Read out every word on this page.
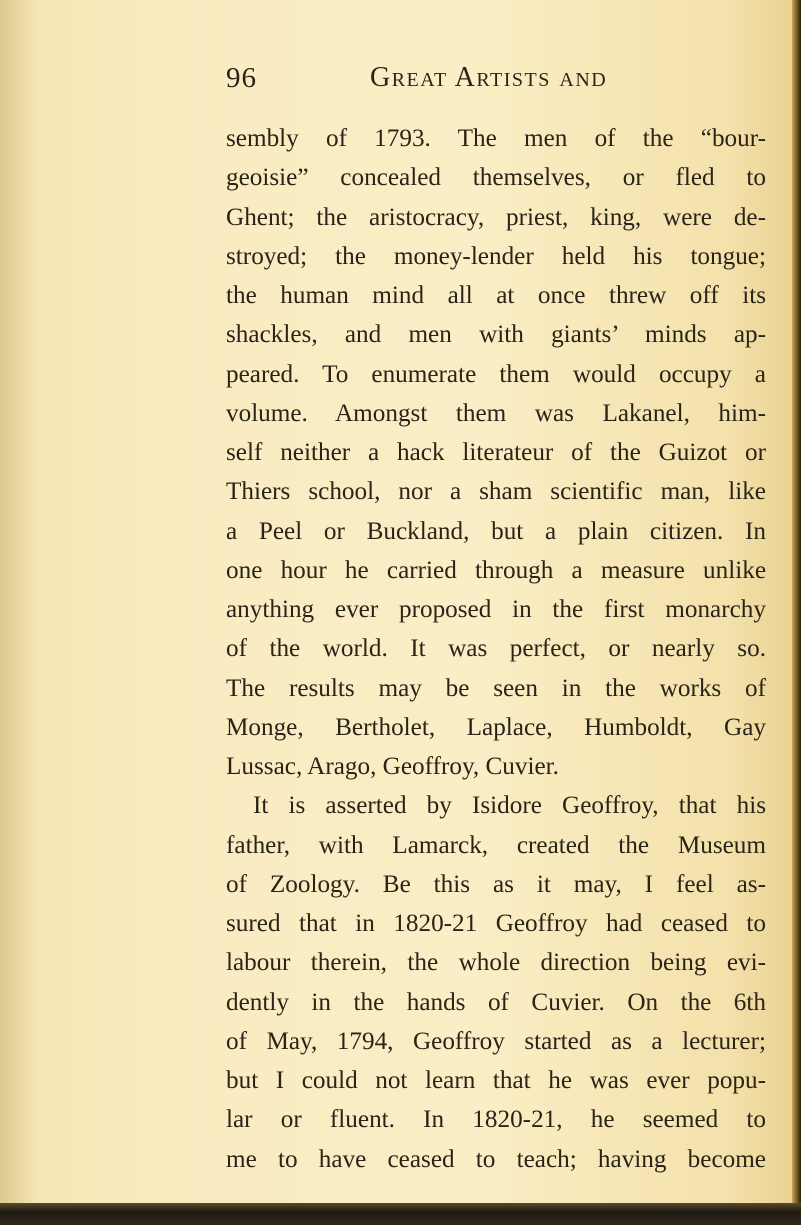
96	Great Artists and
sembly of 1793. The men of the “bour-
geoisie” concealed themselves, or fled to
Ghent; the aristocracy, priest, king, were de-
stroyed; the money-lender held his tongue;
the human mind all at once threw off its
shackles, and men with giants’ minds ap-
peared. To enumerate them would occupy a
volume. Amongst them was Lakanel, him-
self neither a hack literateur of the Guizot or
Thiers school, nor a sham scientific man, like
a Peel or Buckland, but a plain citizen. In
one hour he carried through a measure unlike
anything ever proposed in the first monarchy
of the world. It was perfect, or nearly so.
The results may be seen in the works of
Monge, Bertholet, Laplace, Humboldt, Gay
Lussac, Arago, Geoffroy, Cuvier.
It is asserted by Isidore Geoffroy, that his
father, with Lamarck, created the Museum
of Zoology. Be this as it may, I feel as-
sured that in 1820-21 Geoffroy had ceased to
labour therein, the whole direction being evi-
dently in the hands of Cuvier. On the 6th
of May, 1794, Geoffroy started as a lecturer;
but I could not learn that he was ever popu-
lar or fluent. In 1820-21, he seemed to
me to have ceased to teach; having become
